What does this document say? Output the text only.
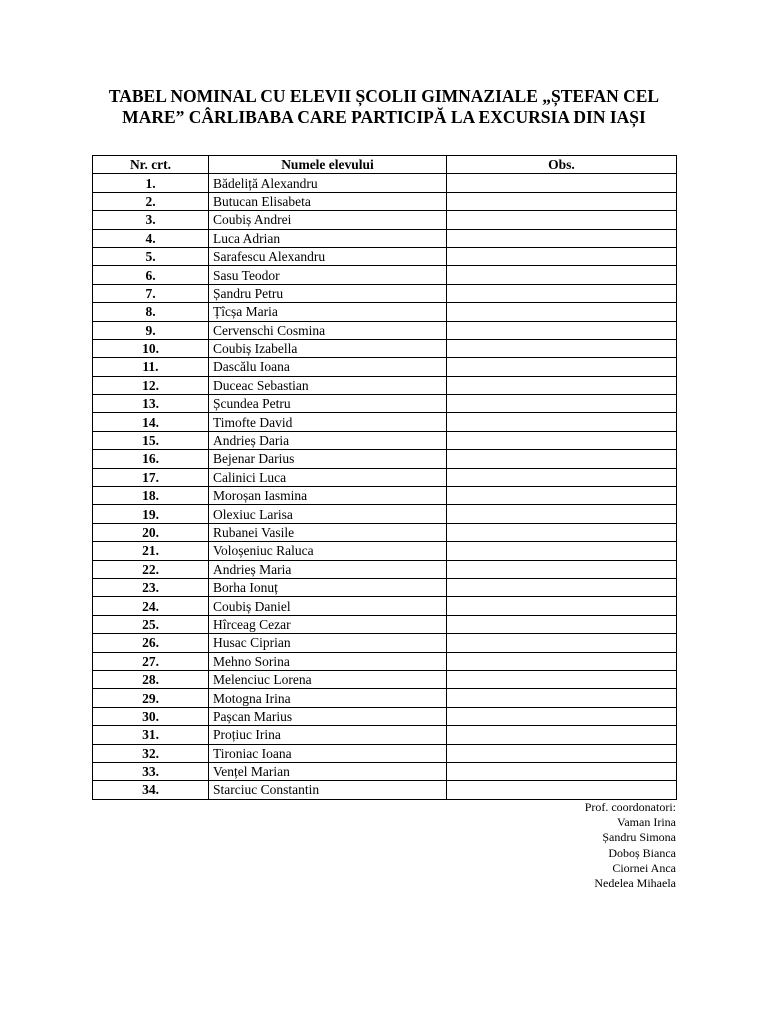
TABEL NOMINAL CU ELEVII ȘCOLII GIMNAZIALE „ȘTEFAN CEL
MARE” CÂRLIBABA CARE PARTICIPĂ LA EXCURSIA DIN IAȘI
Nr. crt.	Numele elevului	Obs.
1.	Bădeliță Alexandru	
2.	Butucan Elisabeta	
3.	Coubiș Andrei	
4.	Luca Adrian	
5.	Sarafescu Alexandru	
6.	Sasu Teodor	
7.	Șandru Petru	
8.	Țîcșa Maria	
9.	Cervenschi Cosmina	
10.	Coubiș Izabella	
11.	Dascălu Ioana	
12.	Duceac Sebastian	
13.	Șcundea Petru	
14.	Timofte David	
15.	Andrieș Daria	
16.	Bejenar Darius	
17.	Calinici Luca	
18.	Moroșan Iasmina	
19.	Olexiuc Larisa	
20.	Rubanei Vasile	
21.	Voloșeniuc Raluca	
22.	Andrieș Maria	
23.	Borha Ionuț	
24.	Coubiș Daniel	
25.	Hîrceag Cezar	
26.	Husac Ciprian	
27.	Mehno Sorina	
28.	Melenciuc Lorena	
29.	Motogna Irina	
30.	Pașcan Marius	
31.	Proțiuc Irina	
32.	Tironiac Ioana	
33.	Vențel Marian	
34.	Starciuc Constantin	
Prof. coordonatori:
Vaman Irina
Șandru Simona
Doboș Bianca
Ciornei Anca
Nedelea Mihaela
